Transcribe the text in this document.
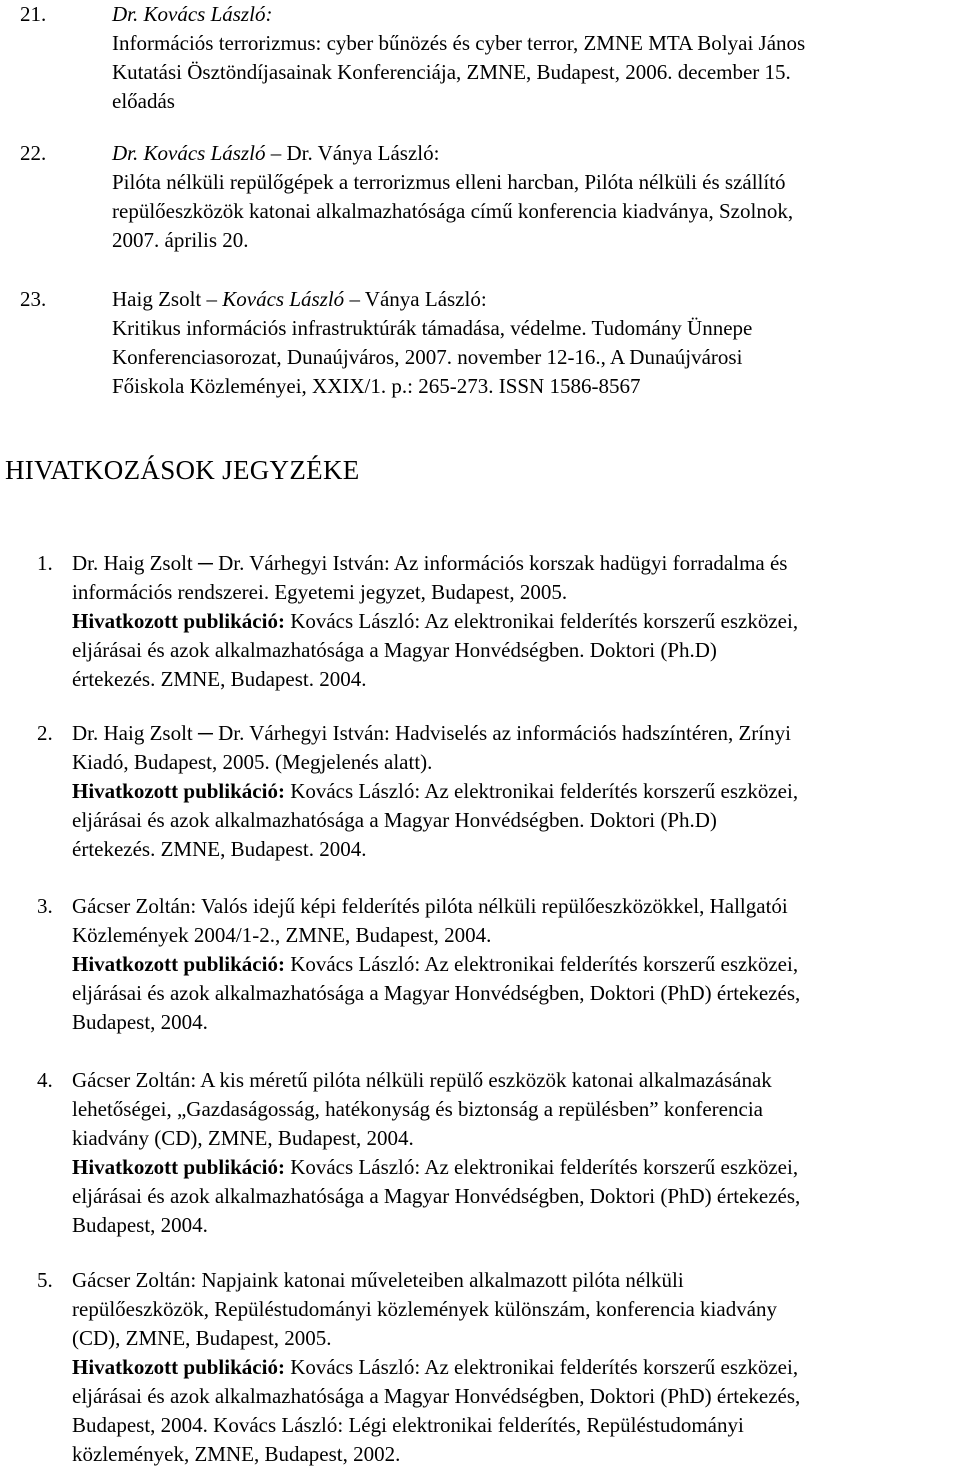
21.	Dr. Kovács László:
Információs terrorizmus: cyber bűnözés és cyber terror, ZMNE MTA Bolyai János
Kutatási Ösztöndíjasainak Konferenciája, ZMNE, Budapest, 2006. december 15.
előadás
22.	Dr. Kovács László – Dr. Ványa László:
Pilóta nélküli repülőgépek a terrorizmus elleni harcban, Pilóta nélküli és szállító
repülőeszközök katonai alkalmazhatósága című konferencia kiadványa, Szolnok,
2007. április 20.
23.	Haig Zsolt – Kovács László – Ványa László:
Kritikus információs infrastruktúrák támadása, védelme. Tudomány Ünnepe
Konferenciasorozat, Dunaújváros, 2007. november 12-16., A Dunaújvárosi
Főiskola Közleményei, XXIX/1. p.: 265-273. ISSN 1586-8567
HIVATKOZÁSOK JEGYZÉKE
1. Dr. Haig Zsolt ─ Dr. Várhegyi István: Az információs korszak hadügyi forradalma és
információs rendszerei. Egyetemi jegyzet, Budapest, 2005.
Hivatkozott publikáció: Kovács László: Az elektronikai felderítés korszerű eszközei,
eljárásai és azok alkalmazhatósága a Magyar Honvédségben. Doktori (Ph.D)
értekezés. ZMNE, Budapest. 2004.
2. Dr. Haig Zsolt ─ Dr. Várhegyi István: Hadviselés az információs hadszíntéren, Zrínyi
Kiadó, Budapest, 2005. (Megjelenés alatt).
Hivatkozott publikáció: Kovács László: Az elektronikai felderítés korszerű eszközei,
eljárásai és azok alkalmazhatósága a Magyar Honvédségben. Doktori (Ph.D)
értekezés. ZMNE, Budapest. 2004.
3. Gácser Zoltán: Valós idejű képi felderítés pilóta nélküli repülőeszközökkel, Hallgatói
Közlemények 2004/1-2., ZMNE, Budapest, 2004.
Hivatkozott publikáció: Kovács László: Az elektronikai felderítés korszerű eszközei,
eljárásai és azok alkalmazhatósága a Magyar Honvédségben, Doktori (PhD) értekezés,
Budapest, 2004.
4. Gácser Zoltán: A kis méretű pilóta nélküli repülő eszközök katonai alkalmazásának
lehetőségei, „Gazdaságosság, hatékonyság és biztonság a repülésben” konferencia
kiadvány (CD), ZMNE, Budapest, 2004.
Hivatkozott publikáció: Kovács László: Az elektronikai felderítés korszerű eszközei,
eljárásai és azok alkalmazhatósága a Magyar Honvédségben, Doktori (PhD) értekezés,
Budapest, 2004.
5. Gácser Zoltán: Napjaink katonai műveleteiben alkalmazott pilóta nélküli
repülőeszközök, Repüléstudományi közlemények különszám, konferencia kiadvány
(CD), ZMNE, Budapest, 2005.
Hivatkozott publikáció: Kovács László: Az elektronikai felderítés korszerű eszközei,
eljárásai és azok alkalmazhatósága a Magyar Honvédségben, Doktori (PhD) értekezés,
Budapest, 2004. Kovács László: Légi elektronikai felderítés, Repüléstudományi
közlemények, ZMNE, Budapest, 2002.
